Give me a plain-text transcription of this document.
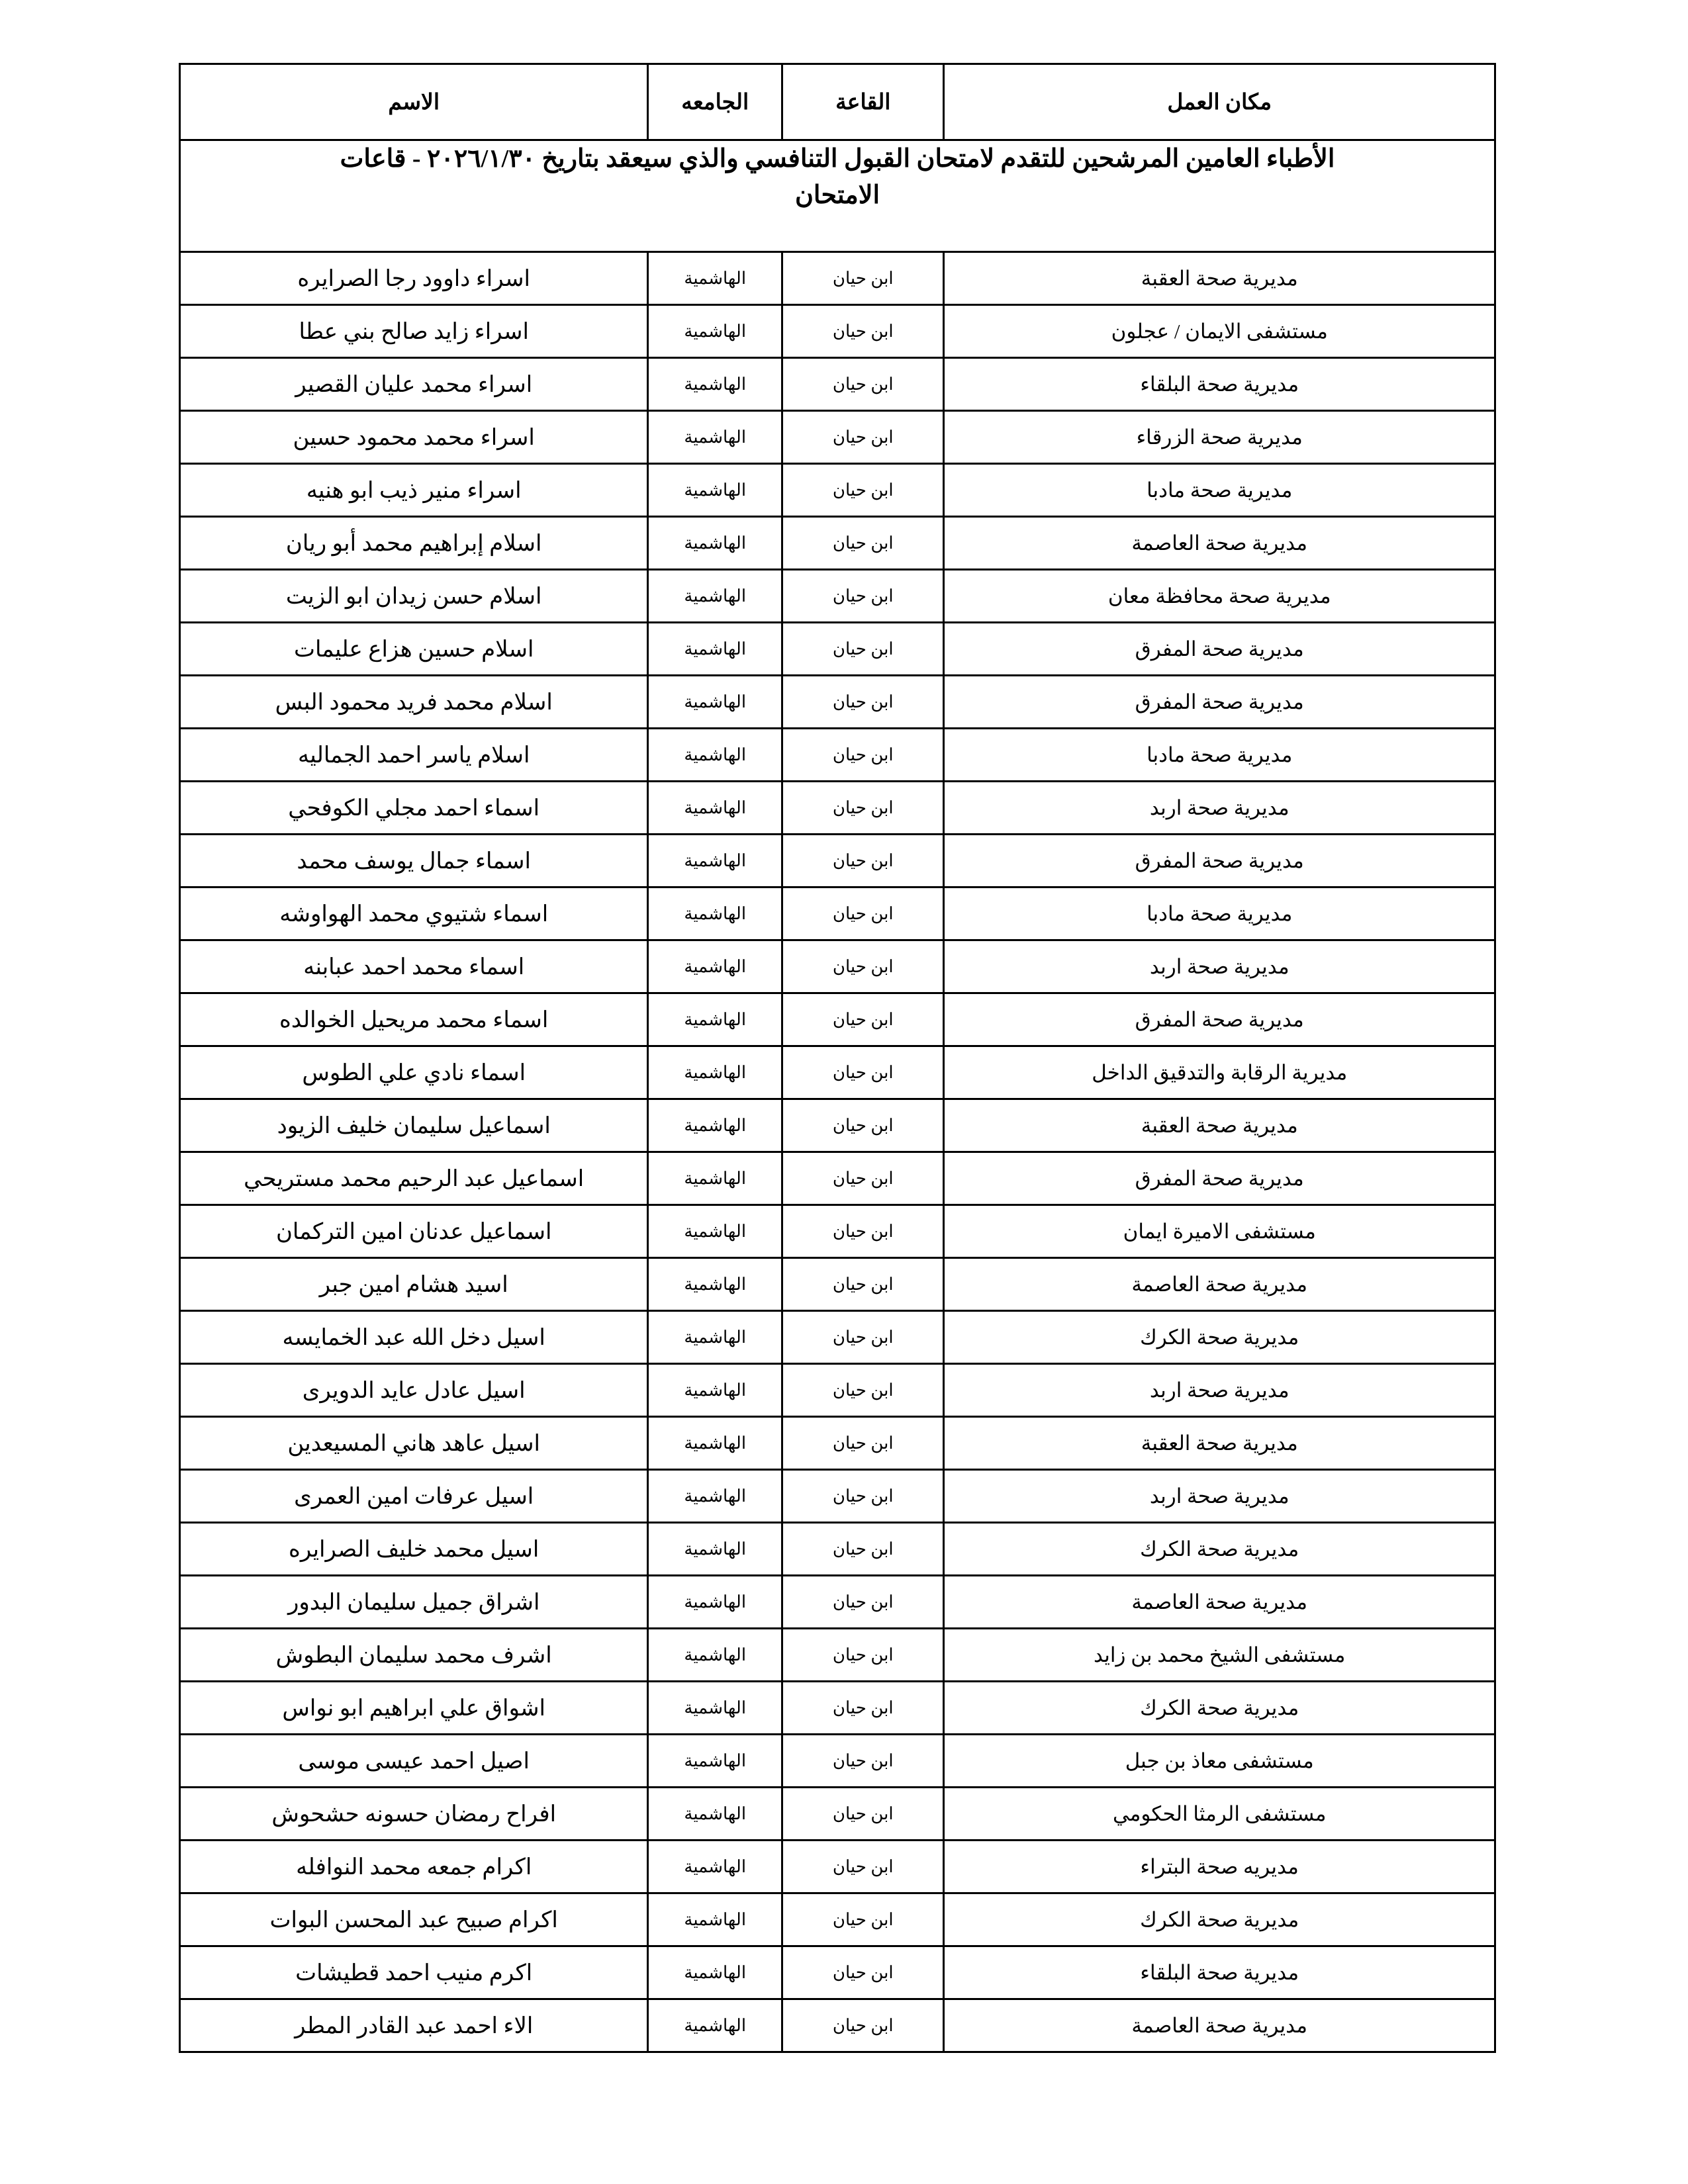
الأطباء العامين المرشحين للتقدم لامتحان القبول التنافسي والذي سيعقد بتاريخ ٢٠٢٦/١/٣٠ - قاعات
الامتحان			

مكان العمل	القاعة	الجامعه	الاسم
مديرية صحة العقبة	ابن حيان	الهاشمية	اسراء داوود رجا الصرايره
مستشفى الايمان / عجلون	ابن حيان	الهاشمية	اسراء زايد صالح بني عطا
مديرية صحة البلقاء	ابن حيان	الهاشمية	اسراء محمد عليان القصير
مديرية صحة الزرقاء	ابن حيان	الهاشمية	اسراء محمد محمود حسين
مديرية صحة مادبا	ابن حيان	الهاشمية	اسراء منير ذيب ابو هنيه
مديرية صحة العاصمة	ابن حيان	الهاشمية	اسلام إبراهيم محمد أبو ريان
مديرية صحة محافظة معان	ابن حيان	الهاشمية	اسلام حسن زيدان ابو الزيت
مديرية صحة المفرق	ابن حيان	الهاشمية	اسلام حسين هزاع عليمات
مديرية صحة المفرق	ابن حيان	الهاشمية	اسلام محمد فريد محمود البس
مديرية صحة مادبا	ابن حيان	الهاشمية	اسلام ياسر احمد الجماليه
مديرية صحة اربد	ابن حيان	الهاشمية	اسماء احمد مجلي الكوفحي
مديرية صحة المفرق	ابن حيان	الهاشمية	اسماء جمال يوسف محمد
مديرية صحة مادبا	ابن حيان	الهاشمية	اسماء شتيوي محمد الهواوشه
مديرية صحة اربد	ابن حيان	الهاشمية	اسماء محمد احمد عبابنه
مديرية صحة المفرق	ابن حيان	الهاشمية	اسماء محمد مريحيل الخوالده
مديرية الرقابة والتدقيق الداخل	ابن حيان	الهاشمية	اسماء نادي علي الطوس
مديرية صحة العقبة	ابن حيان	الهاشمية	اسماعيل سليمان خليف الزيود
مديرية صحة المفرق	ابن حيان	الهاشمية	اسماعيل عبد الرحيم محمد مستريحي
مستشفى الاميرة ايمان	ابن حيان	الهاشمية	اسماعيل عدنان امين التركمان
مديرية صحة العاصمة	ابن حيان	الهاشمية	اسيد هشام امين جبر
مديرية صحة الكرك	ابن حيان	الهاشمية	اسيل دخل الله عبد الخمايسه
مديرية صحة اربد	ابن حيان	الهاشمية	اسيل عادل عايد الدويرى
مديرية صحة العقبة	ابن حيان	الهاشمية	اسيل عاهد هاني المسيعدين
مديرية صحة اربد	ابن حيان	الهاشمية	اسيل عرفات امين العمرى
مديرية صحة الكرك	ابن حيان	الهاشمية	اسيل محمد خليف الصرايره
مديرية صحة العاصمة	ابن حيان	الهاشمية	اشراق جميل سليمان البدور
مستشفى الشيخ محمد بن زايد	ابن حيان	الهاشمية	اشرف محمد سليمان البطوش
مديرية صحة الكرك	ابن حيان	الهاشمية	اشواق علي ابراهيم ابو نواس
مستشفى معاذ بن جبل	ابن حيان	الهاشمية	اصيل احمد عيسى موسى
مستشفى الرمثا الحكومي	ابن حيان	الهاشمية	افراح رمضان حسونه حشحوش
مديريه صحة البتراء	ابن حيان	الهاشمية	اكرام جمعه محمد النوافله
مديرية صحة الكرك	ابن حيان	الهاشمية	اكرام صبيح عبد المحسن البوات
مديرية صحة البلقاء	ابن حيان	الهاشمية	اكرم منيب احمد قطيشات
مديرية صحة العاصمة	ابن حيان	الهاشمية	الاء احمد عبد القادر المطر
